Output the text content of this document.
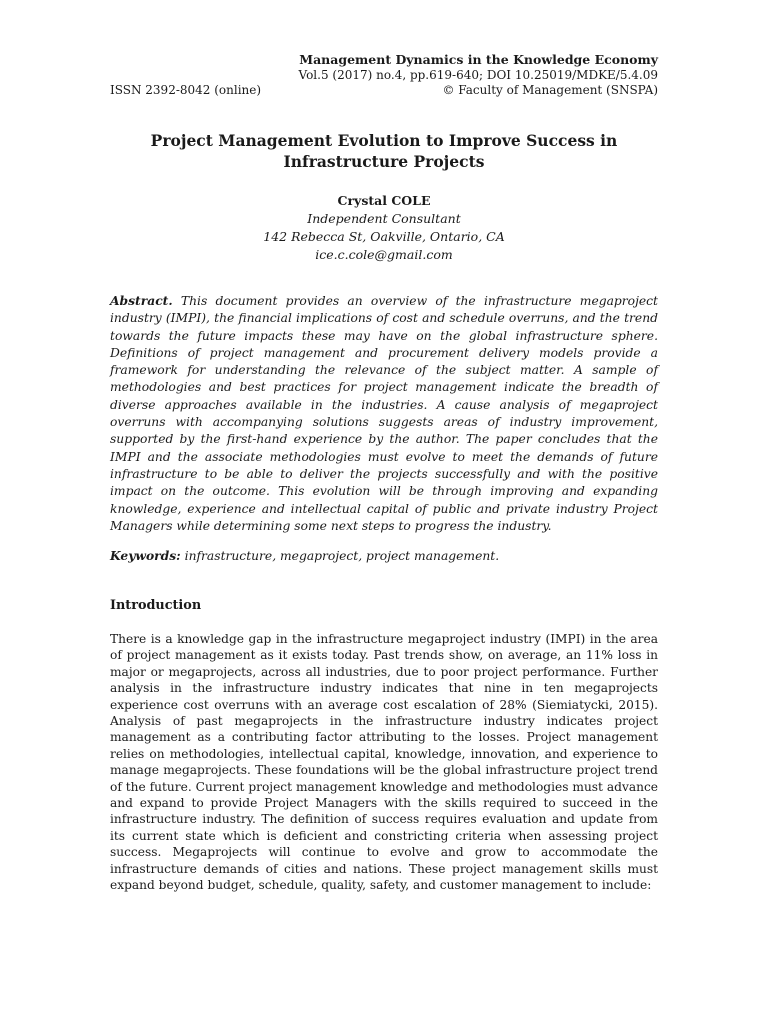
Management Dynamics in the Knowledge Economy
Vol.5 (2017) no.4, pp.619-640; DOI 10.25019/MDKE/5.4.09
ISSN 2392-8042 (online)	© Faculty of Management (SNSPA)
Project Management Evolution to Improve Success in
Infrastructure Projects
Crystal COLE
Independent Consultant
142 Rebecca St, Oakville, Ontario, CA
ice.c.cole@gmail.com

Abstract. This document provides an overview of the infrastructure megaproject industry (IMPI), the financial implications of cost and schedule overruns, and the trend towards the future impacts these may have on the global infrastructure sphere. Definitions of project management and procurement delivery models provide a framework for understanding the relevance of the subject matter. A sample of methodologies and best practices for project management indicate the breadth of diverse approaches available in the industries. A cause analysis of megaproject overruns with accompanying solutions suggests areas of industry improvement, supported by the first-hand experience by the author. The paper concludes that the IMPI and the associate methodologies must evolve to meet the demands of future infrastructure to be able to deliver the projects successfully and with the positive impact on the outcome. This evolution will be through improving and expanding knowledge, experience and intellectual capital of public and private industry Project Managers while determining some next steps to progress the industry.

Keywords: infrastructure, megaproject, project management.

Introduction

There is a knowledge gap in the infrastructure megaproject industry (IMPI) in the area of project management as it exists today. Past trends show, on average, an 11% loss in major or megaprojects, across all industries, due to poor project performance. Further analysis in the infrastructure industry indicates that nine in ten megaprojects experience cost overruns with an average cost escalation of 28% (Siemiatycki, 2015). Analysis of past megaprojects in the infrastructure industry indicates project management as a contributing factor attributing to the losses. Project management relies on methodologies, intellectual capital, knowledge, innovation, and experience to manage megaprojects. These foundations will be the global infrastructure project trend of the future. Current project management knowledge and methodologies must advance and expand to provide Project Managers with the skills required to succeed in the infrastructure industry. The definition of success requires evaluation and update from its current state which is deficient and constricting criteria when assessing project success. Megaprojects will continue to evolve and grow to accommodate the infrastructure demands of cities and nations. These project management skills must expand beyond budget, schedule, quality, safety, and customer management to include:
